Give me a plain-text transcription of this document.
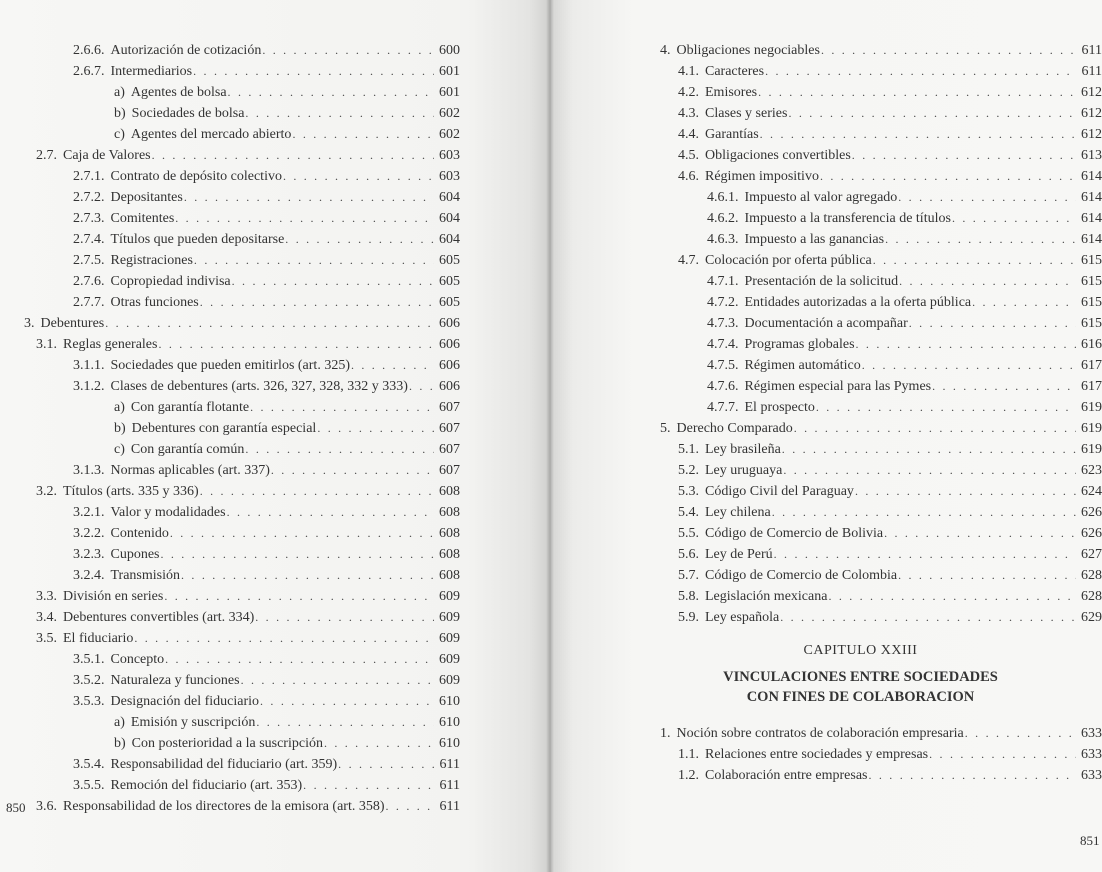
2.6.6. Autorización de cotización . . .	600
2.6.7. Intermediarios . . .	601
a) Agentes de bolsa . . .	601
b) Sociedades de bolsa . . .	602
c) Agentes del mercado abierto . . .	602
2.7. Caja de Valores . . .	603
2.7.1. Contrato de depósito colectivo . . .	603
2.7.2. Depositantes . . .	604
2.7.3. Comitentes . . .	604
2.7.4. Títulos que pueden depositarse . . .	604
2.7.5. Registraciones . . .	605
2.7.6. Copropiedad indivisa . . .	605
2.7.7. Otras funciones . . .	605
3. Debentures . . .	606
3.1. Reglas generales . . .	606
3.1.1. Sociedades que pueden emitirlos (art. 325) . . .	606
3.1.2. Clases de debentures (arts. 326, 327, 328, 332 y 333) . . . 606
a) Con garantía flotante . . .	607
b) Debentures con garantía especial . . .	607
c) Con garantía común . . .	607
3.1.3. Normas aplicables (art. 337) . . .	607
3.2. Títulos (arts. 335 y 336) . . .	608
3.2.1. Valor y modalidades . . .	608
3.2.2. Contenido . . .	608
3.2.3. Cupones . . .	608
3.2.4. Transmisión . . .	608
3.3. División en series . . .	609
3.4. Debentures convertibles (art. 334) . . .	609
3.5. El fiduciario . . .	609
3.5.1. Concepto . . .	609
3.5.2. Naturaleza y funciones . . .	609
3.5.3. Designación del fiduciario . . .	610
a) Emisión y suscripción . . .	610
b) Con posterioridad a la suscripción . . .	610
3.5.4. Responsabilidad del fiduciario (art. 359) . . .	611
3.5.5. Remoción del fiduciario (art. 353) . . .	611
3.6. Responsabilidad de los directores de la emisora (art. 358) . . .	611
850
4. Obligaciones negociables . . .	611
4.1. Caracteres . . .	611
4.2. Emisores . . .	612
4.3. Clases y series . . .	612
4.4. Garantías . . .	612
4.5. Obligaciones convertibles . . .	613
4.6. Régimen impositivo . . .	614
4.6.1. Impuesto al valor agregado . . .	614
4.6.2. Impuesto a la transferencia de títulos . . .	614
4.6.3. Impuesto a las ganancias . . .	614
4.7. Colocación por oferta pública . . .	615
4.7.1. Presentación de la solicitud . . .	615
4.7.2. Entidades autorizadas a la oferta pública . . .	615
4.7.3. Documentación a acompañar . . .	615
4.7.4. Programas globales . . .	616
4.7.5. Régimen automático . . .	617
4.7.6. Régimen especial para las Pymes . . .	617
4.7.7. El prospecto . . .	619
5. Derecho Comparado . . .	619
5.1. Ley brasileña . . .	619
5.2. Ley uruguaya . . .	623
5.3. Código Civil del Paraguay . . .	624
5.4. Ley chilena . . .	626
5.5. Código de Comercio de Bolivia . . .	626
5.6. Ley de Perú . . .	627
5.7. Código de Comercio de Colombia . . .	628
5.8. Legislación mexicana . . .	628
5.9. Ley española . . .	629
CAPITULO XXIII
VINCULACIONES ENTRE SOCIEDADES
CON FINES DE COLABORACION
1. Noción sobre contratos de colaboración empresaria . . .	633
1.1. Relaciones entre sociedades y empresas . . .	633
1.2. Colaboración entre empresas . . .	633
851
